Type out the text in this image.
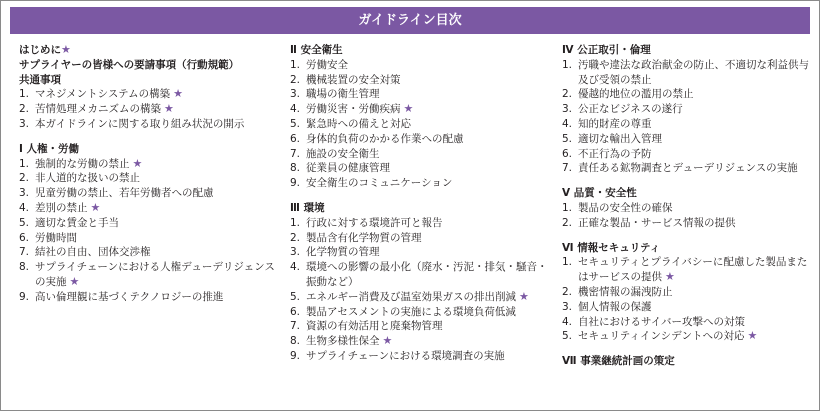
ガイドライン目次
はじめに★
サプライヤーの皆様への要請事項（行動規範）
共通事項
1. マネジメントシステムの構築 ★
2. 苦情処理メカニズムの構築 ★
3. 本ガイドラインに関する取り組み状況の開示
Ⅰ 人権・労働
1. 強制的な労働の禁止 ★
2. 非人道的な扱いの禁止
3. 児童労働の禁止、若年労働者への配慮
4. 差別の禁止 ★
5. 適切な賃金と手当
6. 労働時間
7. 結社の自由、団体交渉権
8. サプライチェーンにおける人権デューデリジェンスの実施 ★
9. 高い倫理観に基づくテクノロジーの推進
Ⅱ 安全衛生
1. 労働安全
2. 機械装置の安全対策
3. 職場の衛生管理
4. 労働災害・労働疾病 ★
5. 緊急時への備えと対応
6. 身体的負荷のかかる作業への配慮
7. 施設の安全衛生
8. 従業員の健康管理
9. 安全衛生のコミュニケーション
Ⅲ 環境
1. 行政に対する環境許可と報告
2. 製品含有化学物質の管理
3. 化学物質の管理
4. 環境への影響の最小化（廃水・汚泥・排気・騒音・振動など）
5. エネルギー消費及び温室効果ガスの排出削減 ★
6. 製品アセスメントの実施による環境負荷低減
7. 資源の有効活用と廃棄物管理
8. 生物多様性保全 ★
9. サプライチェーンにおける環境調査の実施
Ⅳ 公正取引・倫理
1. 汚職や違法な政治献金の防止、不適切な利益供与及び受領の禁止
2. 優越的地位の濫用の禁止
3. 公正なビジネスの遂行
4. 知的財産の尊重
5. 適切な輸出入管理
6. 不正行為の予防
7. 責任ある鉱物調査とデューデリジェンスの実施
Ⅴ 品質・安全性
1. 製品の安全性の確保
2. 正確な製品・サービス情報の提供
Ⅵ 情報セキュリティ
1. セキュリティとプライバシーに配慮した製品またはサービスの提供 ★
2. 機密情報の漏洩防止
3. 個人情報の保護
4. 自社におけるサイバー攻撃への対策
5. セキュリティインシデントへの対応 ★
Ⅶ 事業継続計画の策定
